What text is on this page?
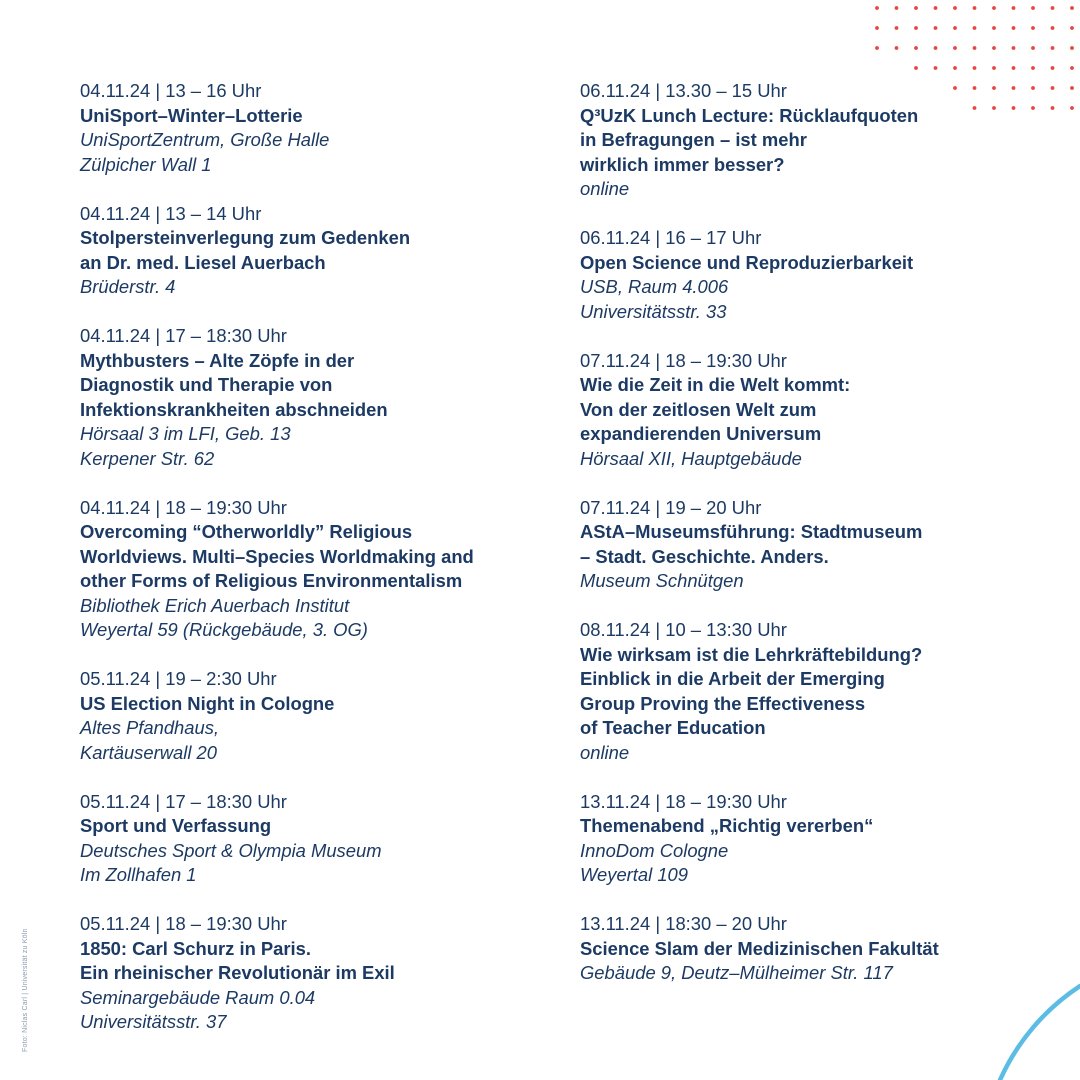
04.11.24 | 13 – 16 Uhr
UniSport–Winter–Lotterie
UniSportZentrum, Große Halle
Zülpicher Wall 1
04.11.24 | 13 – 14 Uhr
Stolpersteinverlegung zum Gedenken
an Dr. med. Liesel Auerbach
Brüderstr. 4
04.11.24 | 17 – 18:30 Uhr
Mythbusters – Alte Zöpfe in der
Diagnostik und Therapie von
Infektionskrankheiten abschneiden
Hörsaal 3 im LFI, Geb. 13
Kerpener Str. 62
04.11.24 | 18 – 19:30 Uhr
Overcoming “Otherworldly” Religious
Worldviews. Multi–Species Worldmaking and
other Forms of Religious Environmentalism
Bibliothek Erich Auerbach Institut
Weyertal 59 (Rückgebäude, 3. OG)
05.11.24 | 19 – 2:30 Uhr
US Election Night in Cologne
Altes Pfandhaus,
Kartäuserwall 20
05.11.24 | 17 – 18:30 Uhr
Sport und Verfassung
Deutsches Sport & Olympia Museum
Im Zollhafen 1
05.11.24 | 18 – 19:30 Uhr
1850: Carl Schurz in Paris.
Ein rheinischer Revolutionär im Exil
Seminargebäude Raum 0.04
Universitätsstr. 37
06.11.24 | 13.30 – 15 Uhr
Q³UzK Lunch Lecture: Rücklaufquoten
in Befragungen – ist mehr
wirklich immer besser?
online
06.11.24 | 16 – 17 Uhr
Open Science und Reproduzierbarkeit
USB, Raum 4.006
Universitätsstr. 33
07.11.24 | 18 – 19:30 Uhr
Wie die Zeit in die Welt kommt:
Von der zeitlosen Welt zum
expandierenden Universum
Hörsaal XII, Hauptgebäude
07.11.24 | 19 – 20 Uhr
AStA–Museumsführung: Stadtmuseum
– Stadt. Geschichte. Anders.
Museum Schnütgen
08.11.24 | 10 – 13:30 Uhr
Wie wirksam ist die Lehrkräftebildung?
Einblick in die Arbeit der Emerging
Group Proving the Effectiveness
of Teacher Education
online
13.11.24 | 18 – 19:30 Uhr
Themenabend „Richtig vererben“
InnoDom Cologne
Weyertal 109
13.11.24 | 18:30 – 20 Uhr
Science Slam der Medizinischen Fakultät
Gebäude 9, Deutz–Mülheimer Str. 117
Foto: Niclas Carl | Universität zu Köln
